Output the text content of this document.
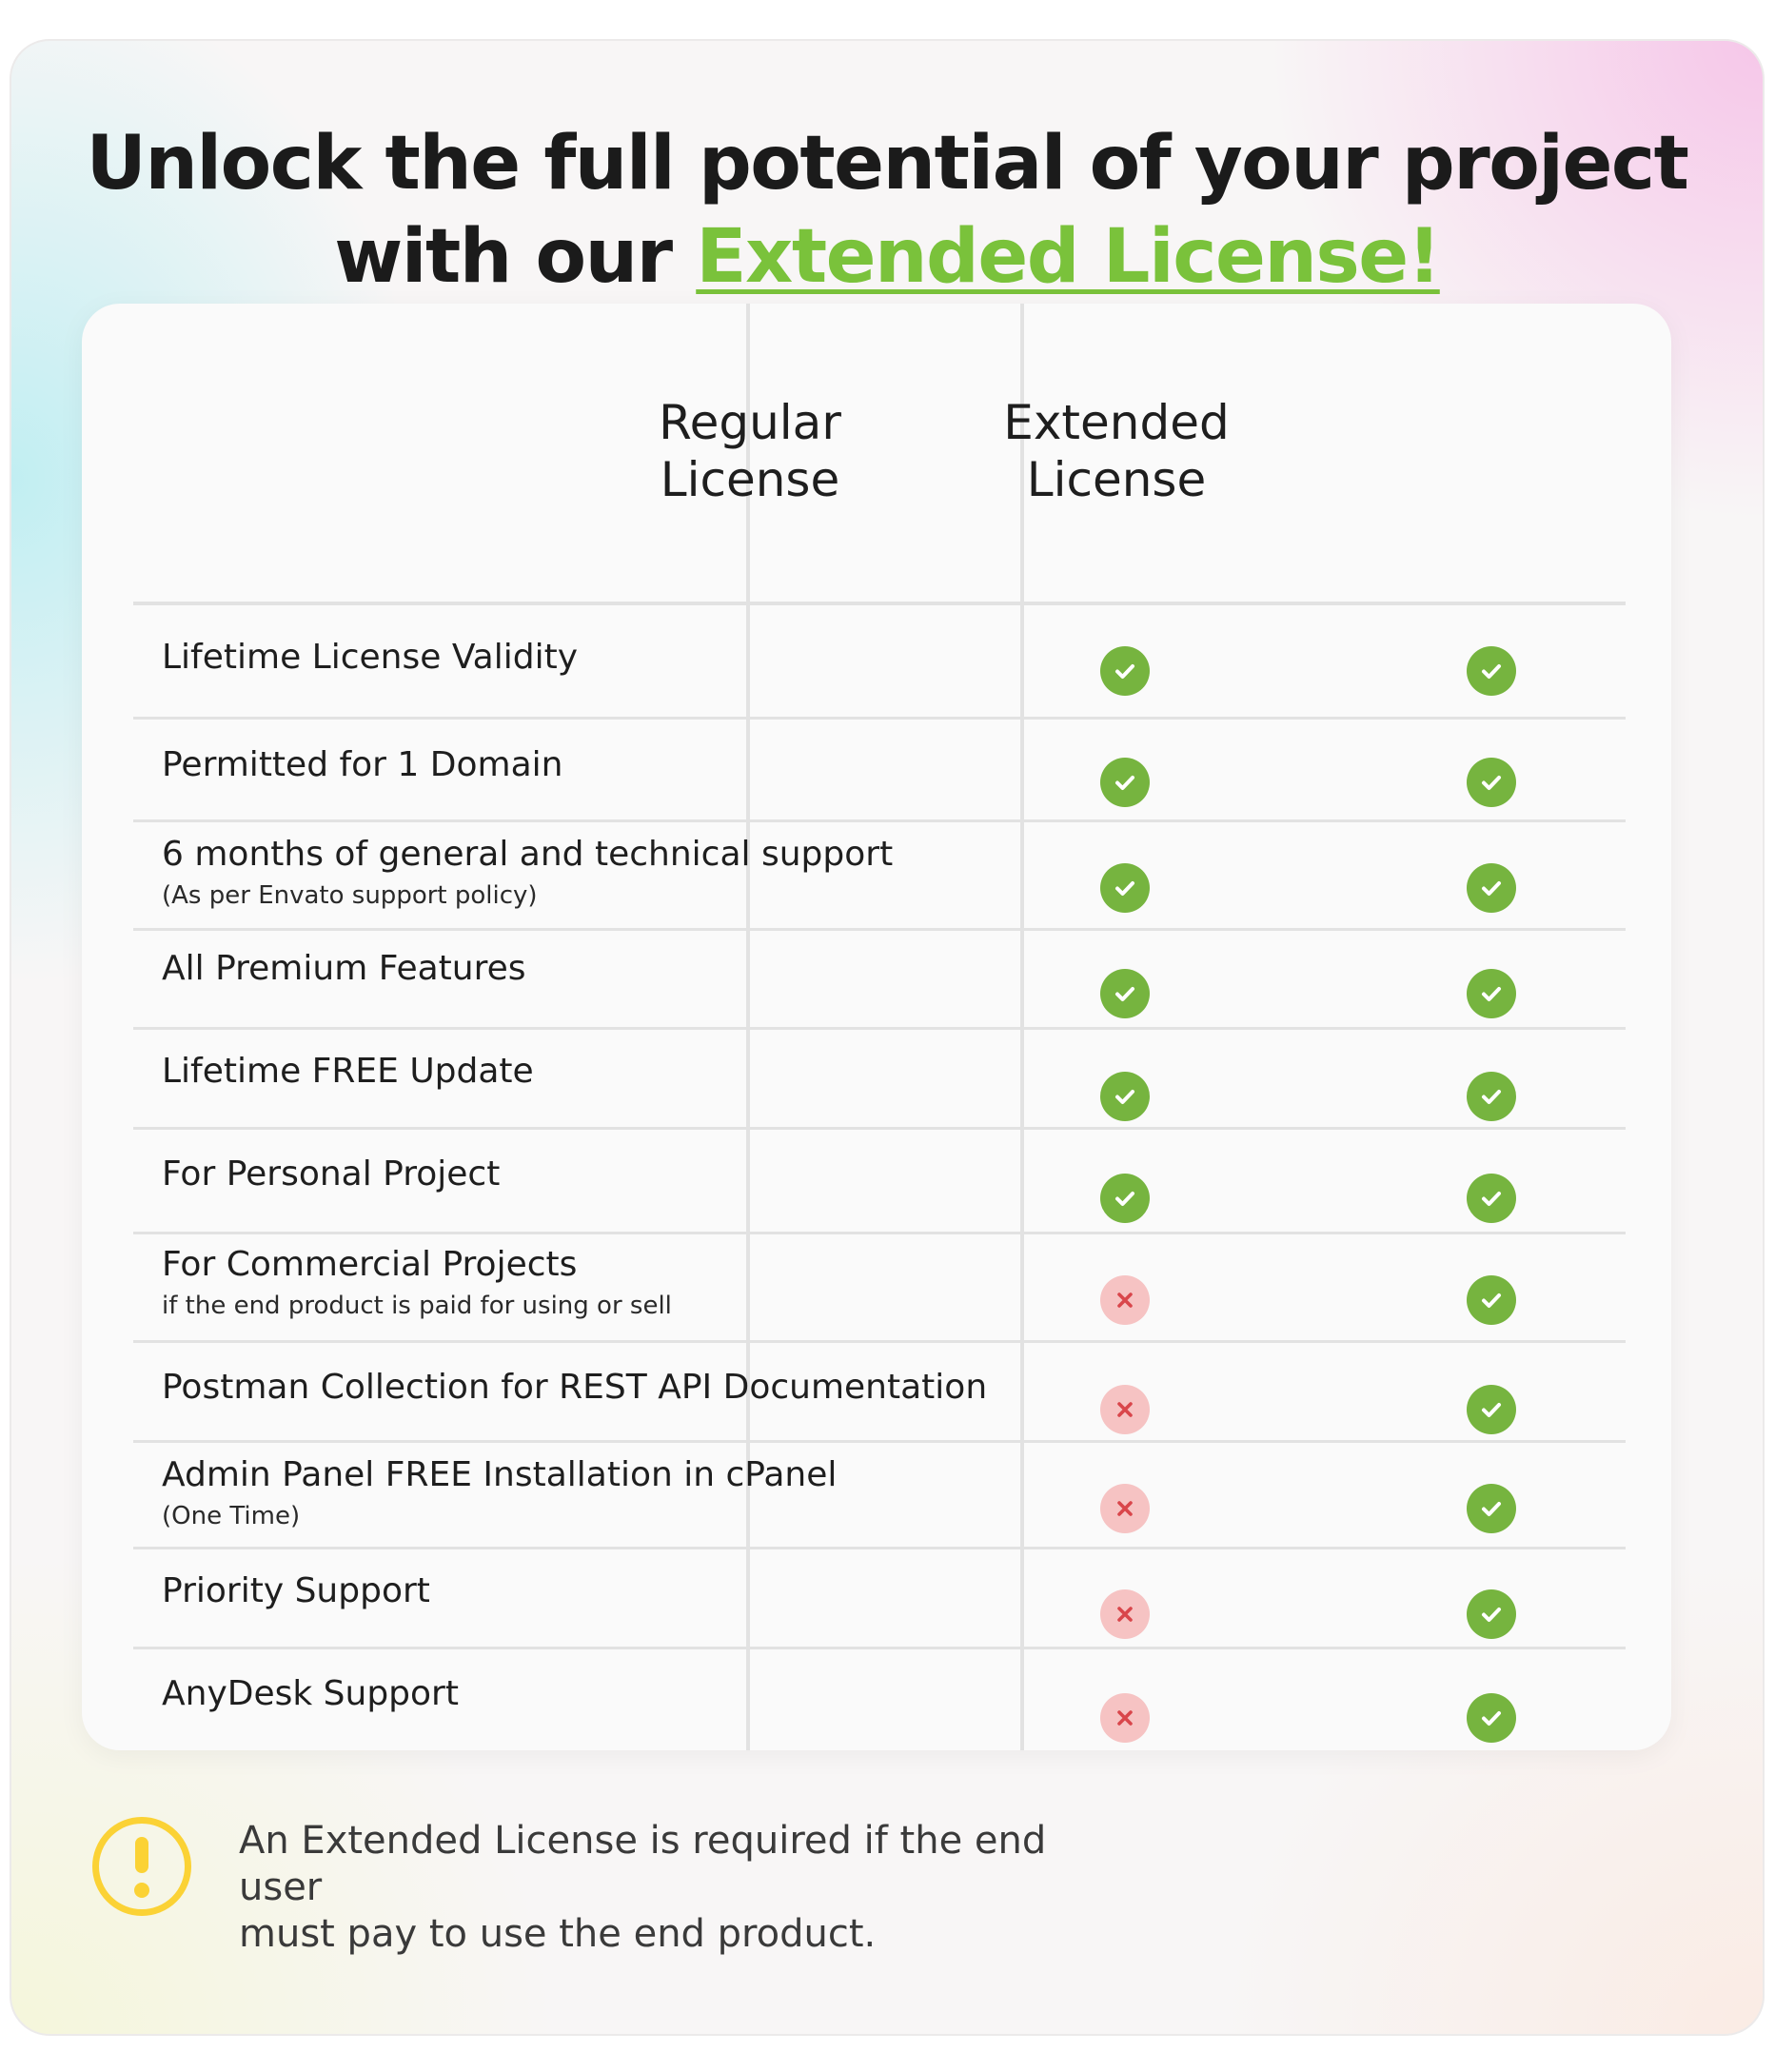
Unlock the full potential of your project
with our Extended License!
Regular
License
Extended
License
Lifetime License Validity
Permitted for 1 Domain
6 months of general and technical support
(As per Envato support policy)
All Premium Features
Lifetime FREE Update
For Personal Project
For Commercial Projects
if the end product is paid for using or sell
Postman Collection for REST API Documentation
Admin Panel FREE Installation in cPanel
(One Time)
Priority Support
AnyDesk Support
An Extended License is required if the end user
must pay to use the end product.
